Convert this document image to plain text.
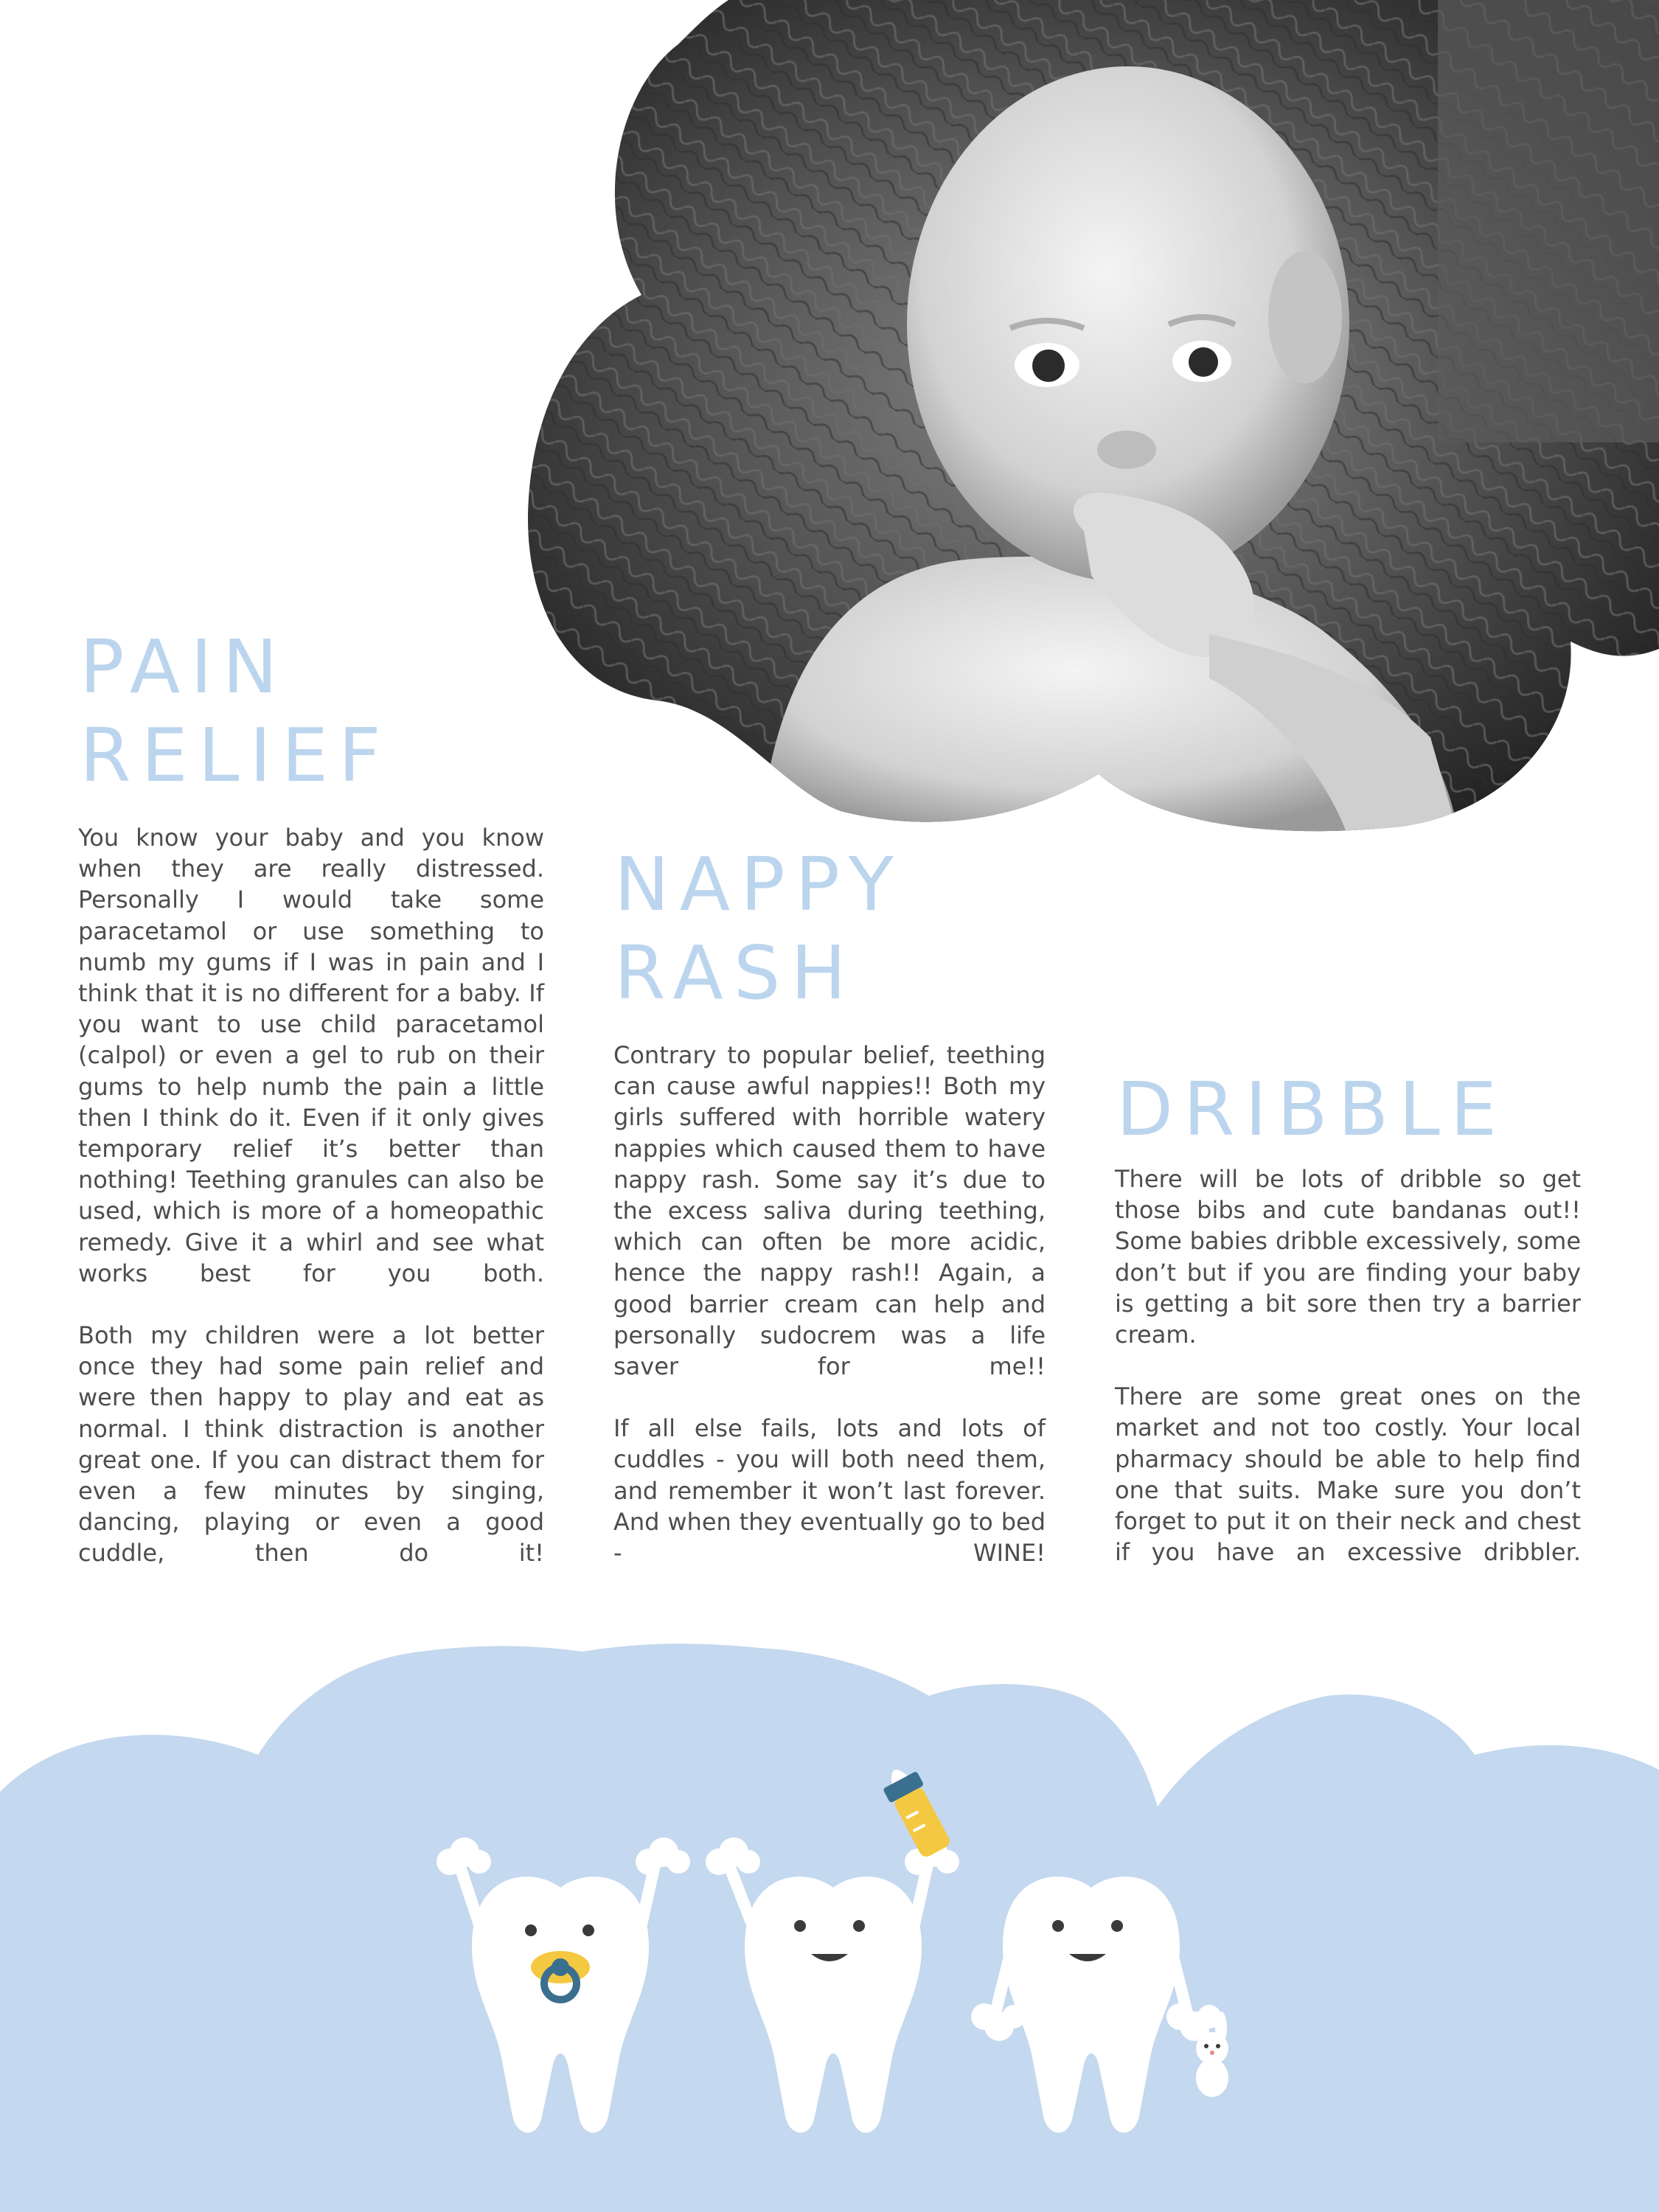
PAIN RELIEF
NAPPY RASH
DRIBBLE

You know your baby and you know when they are really distressed. Personally I would take some paracetamol or use something to numb my gums if I was in pain and I think that it is no different for a baby. If you want to use child paracetamol (calpol) or even a gel to rub on their gums to help numb the pain a little then I think do it. Even if it only gives temporary relief it’s better than nothing! Teething granules can also be used, which is more of a homeopathic remedy. Give it a whirl and see what works best for you both.

Both my children were a lot better once they had some pain relief and were then happy to play and eat as normal. I think distraction is another great one. If you can distract them for even a few minutes by singing, dancing, playing or even a good cuddle, then do it!

Contrary to popular belief, teething can cause awful nappies!! Both my girls suffered with horrible watery nappies which caused them to have nappy rash. Some say it’s due to the excess saliva during teething, which can often be more acidic, hence the nappy rash!! Again, a good barrier cream can help and personally sudocrem was a life saver for me!!

If all else fails, lots and lots of cuddles - you will both need them, and remember it won’t last forever. And when they eventually go to bed - WINE!

There will be lots of dribble so get those bibs and cute bandanas out!! Some babies dribble excessively, some don’t but if you are finding your baby is getting a bit sore then try a barrier cream.

There are some great ones on the market and not too costly. Your local pharmacy should be able to help find one that suits. Make sure you don’t forget to put it on their neck and chest if you have an excessive dribbler.
